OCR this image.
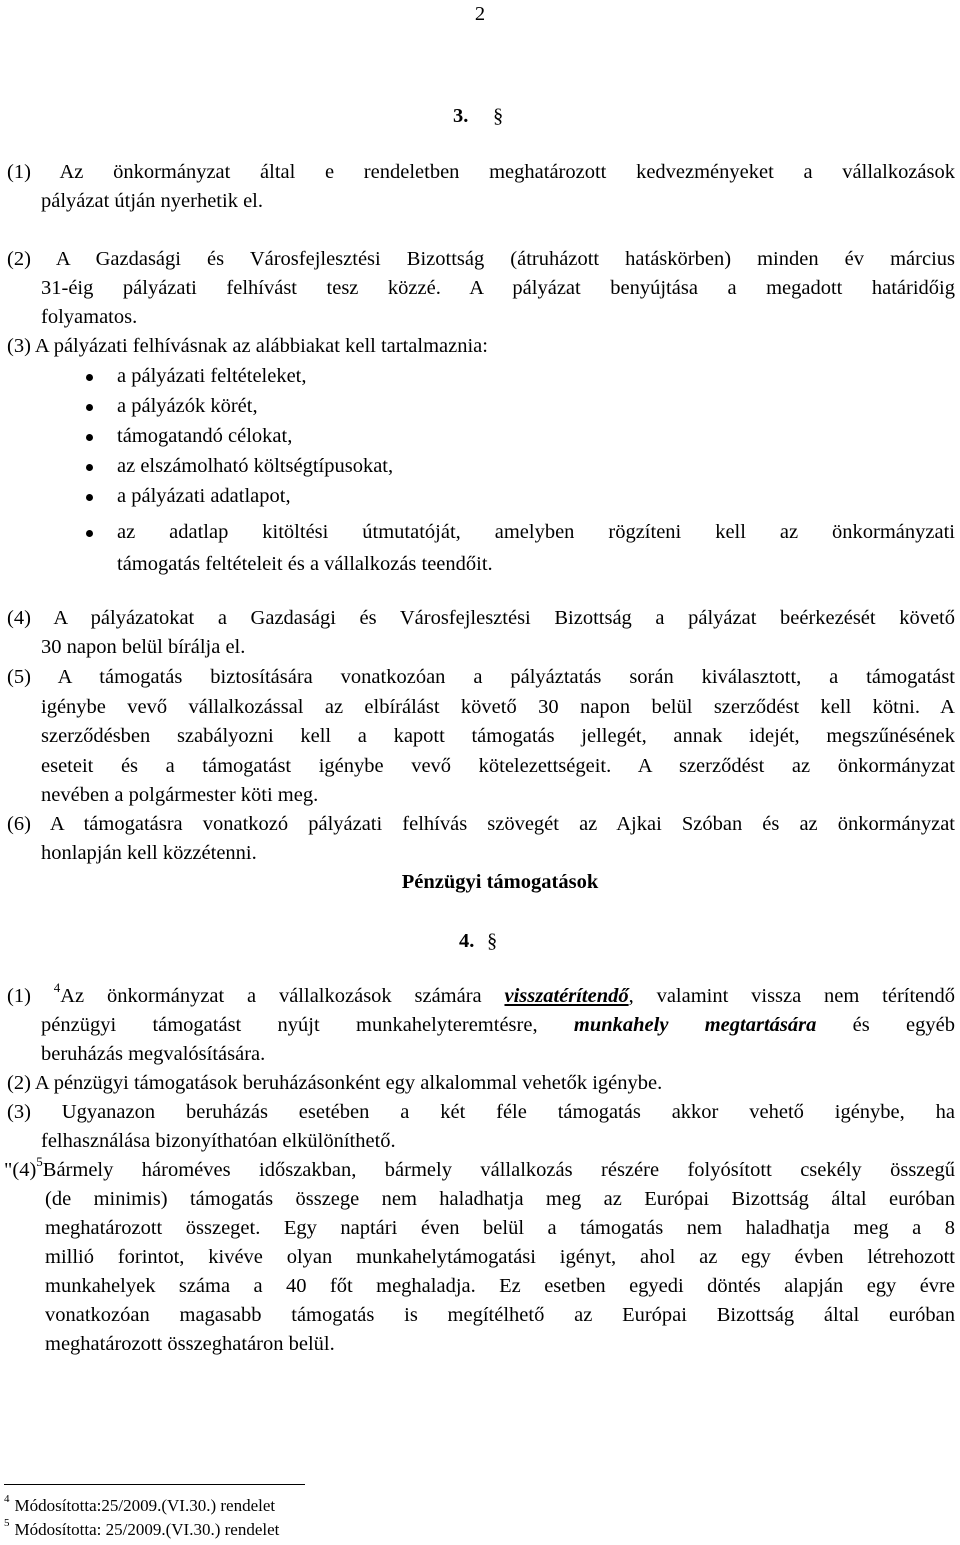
2
3. §
(1) Az önkormányzat által e rendeletben meghatározott kedvezményeket a vállalkozások
pályázat útján nyerhetik el.
(2) A Gazdasági és Városfejlesztési Bizottság (átruházott hatáskörben) minden év március
31-éig pályázati felhívást tesz közzé. A pályázat benyújtása a megadott határidőig
folyamatos.
(3) A pályázati felhívásnak az alábbiakat kell tartalmaznia:
a pályázati feltételeket,
a pályázók körét,
támogatandó célokat,
az elszámolható költségtípusokat,
a pályázati adatlapot,
az adatlap kitöltési útmutatóját, amelyben rögzíteni kell az önkormányzati
támogatás feltételeit és a vállalkozás teendőit.
(4) A pályázatokat a Gazdasági és Városfejlesztési Bizottság a pályázat beérkezését követő
30 napon belül bírálja el.
(5) A támogatás biztosítására vonatkozóan a pályáztatás során kiválasztott, a támogatást
igénybe vevő vállalkozással az elbírálást követő 30 napon belül szerződést kell kötni. A
szerződésben szabályozni kell a kapott támogatás jellegét, annak idejét, megszűnésének
eseteit és a támogatást igénybe vevő kötelezettségeit. A szerződést az önkormányzat
nevében a polgármester köti meg.
(6) A támogatásra vonatkozó pályázati felhívás szövegét az Ajkai Szóban és az önkormányzat
honlapján kell közzétenni.
Pénzügyi támogatások
4. §
(1) $^4$Az önkormányzat a vállalkozások számára visszatérítendő, valamint vissza nem térítendő
pénzügyi támogatást nyújt munkahelyteremtésre, munkahely megtartására és egyéb
beruházás megvalósítására.
(2) A pénzügyi támogatások beruházásonként egy alkalommal vehetők igénybe.
(3) Ugyanazon beruházás esetében a két féle támogatás akkor vehető igénybe, ha
felhasználása bizonyíthatóan elkülöníthető.
"$(4)^5Bármely$ hároméves időszakban, bármely vállalkozás részére folyósított csekély összegű
(de minimis) támogatás összege nem haladhatja meg az Európai Bizottság által euróban
meghatározott összeget. Egy naptári éven belül a támogatás nem haladhatja meg a 8
millió forintot, kivéve olyan munkahelytámogatási igényt, ahol az egy évben létrehozott
munkahelyek száma a 40 főt meghaladja. Ez esetben egyedi döntés alapján egy évre
vonatkozóan magasabb támogatás is megítélhető az Európai Bizottság által euróban
meghatározott összeghatáron belül.
$^4$ Módosította:25/2009.(VI.30.) rendelet
$^5$ Módosította: 25/2009.(VI.30.) rendelet
